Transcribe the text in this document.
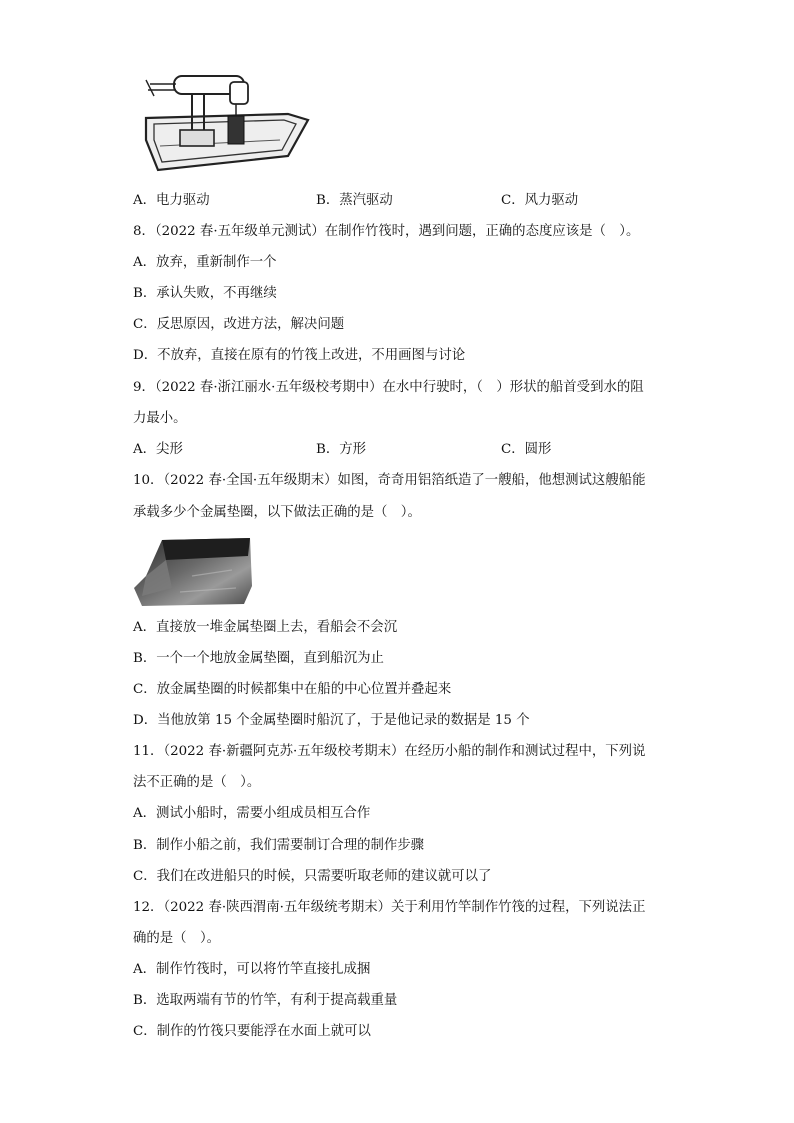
A．电力驱动	B．蒸汽驱动	C．风力驱动
8．（2022 春·五年级单元测试）在制作竹筏时，遇到问题，正确的态度应该是（　）。
A．放弃，重新制作一个
B．承认失败，不再继续
C．反思原因，改进方法，解决问题
D．不放弃，直接在原有的竹筏上改进，不用画图与讨论
9．（2022 春·浙江丽水·五年级校考期中）在水中行驶时，（　）形状的船首受到水的阻
力最小。
A．尖形	B．方形	C．圆形
10．（2022 春·全国·五年级期末）如图，奇奇用铝箔纸造了一艘船，他想测试这艘船能
承载多少个金属垫圈，以下做法正确的是（　）。
A．直接放一堆金属垫圈上去，看船会不会沉
B．一个一个地放金属垫圈，直到船沉为止
C．放金属垫圈的时候都集中在船的中心位置并叠起来
D．当他放第 15 个金属垫圈时船沉了，于是他记录的数据是 15 个
11．（2022 春·新疆阿克苏·五年级校考期末）在经历小船的制作和测试过程中，下列说
法不正确的是（　）。
A．测试小船时，需要小组成员相互合作
B．制作小船之前，我们需要制订合理的制作步骤
C．我们在改进船只的时候，只需要听取老师的建议就可以了
12．（2022 春·陕西渭南·五年级统考期末）关于利用竹竿制作竹筏的过程，下列说法正
确的是（　）。
A．制作竹筏时，可以将竹竿直接扎成捆
B．选取两端有节的竹竿，有利于提高载重量
C．制作的竹筏只要能浮在水面上就可以
